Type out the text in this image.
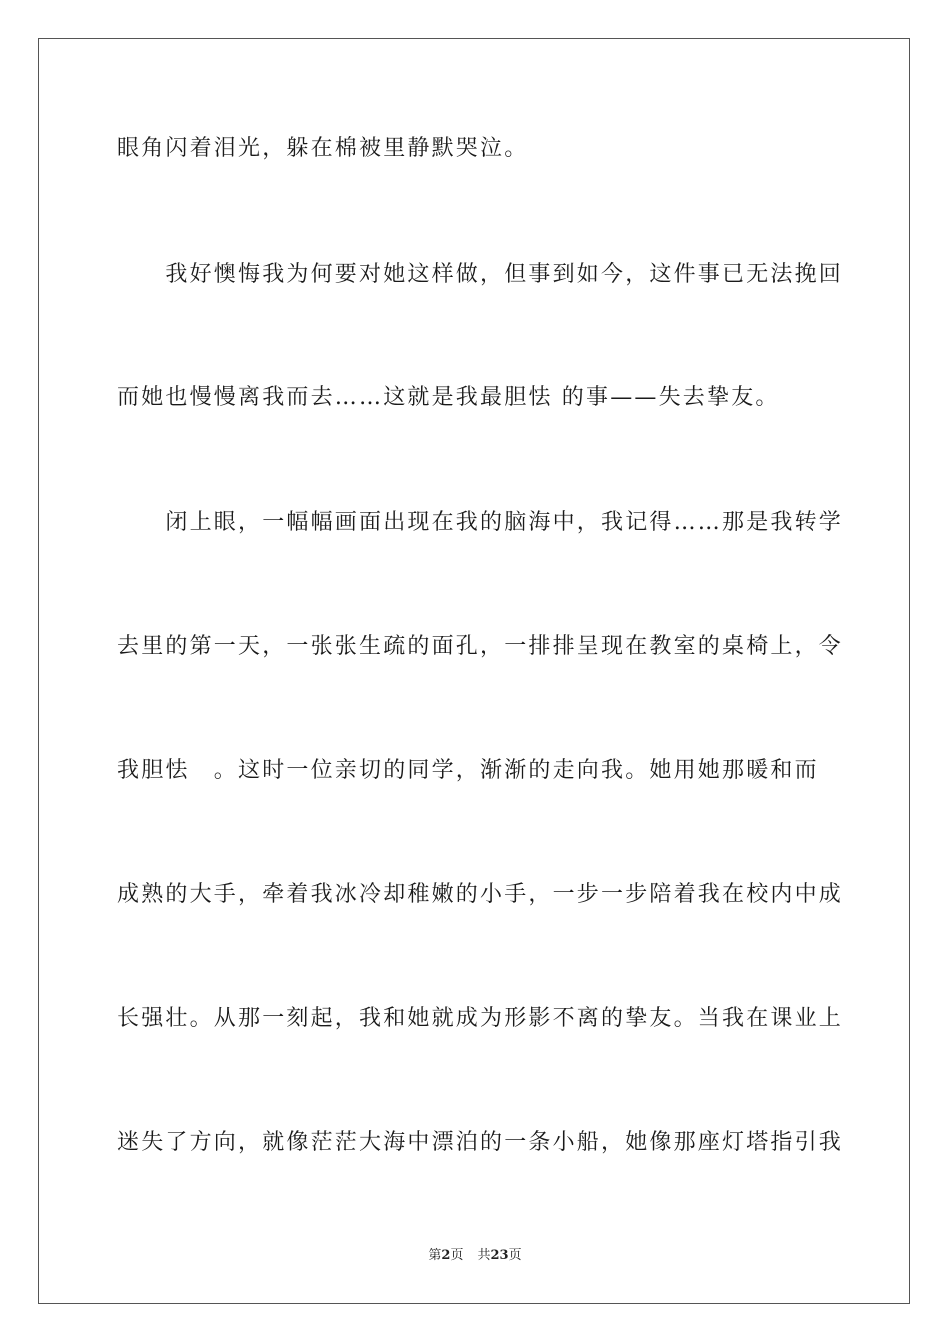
眼角闪着泪光，躲在棉被里静默哭泣。

　　我好懊悔我为何要对她这样做，但事到如今，这件事已无法挽回

而她也慢慢离我而去……这就是我最胆怯 的事——失去挚友。

　　闭上眼，一幅幅画面出现在我的脑海中，我记得……那是我转学

去里的第一天，一张张生疏的面孔，一排排呈现在教室的桌椅上，令

我胆怯　。这时一位亲切的同学，渐渐的走向我。她用她那暖和而

成熟的大手，牵着我冰冷却稚嫩的小手，一步一步陪着我在校内中成

长强壮。从那一刻起，我和她就成为形影不离的挚友。当我在课业上

迷失了方向，就像茫茫大海中漂泊的一条小船，她像那座灯塔指引我

第2页 共23页
